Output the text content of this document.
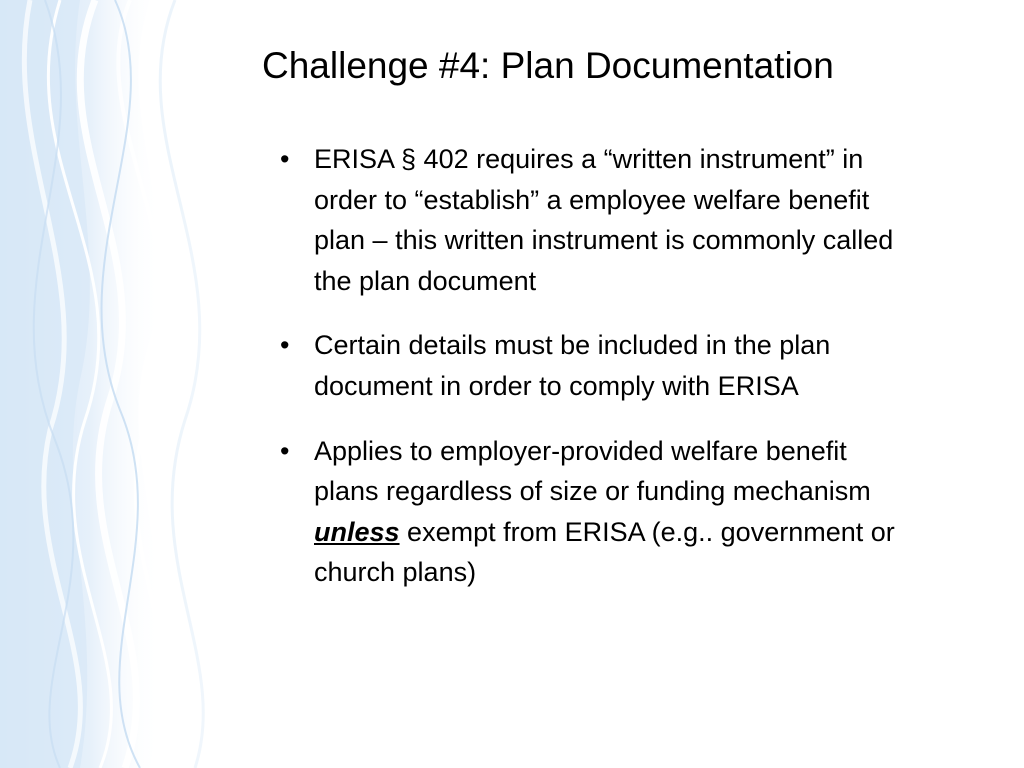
Challenge #4: Plan Documentation
• ERISA § 402 requires a “written instrument” in order to “establish” a employee welfare benefit plan – this written instrument is commonly called the plan document
• Certain details must be included in the plan document in order to comply with ERISA
• Applies to employer-provided welfare benefit plans regardless of size or funding mechanism unless exempt from ERISA (e.g.. government or church plans)
